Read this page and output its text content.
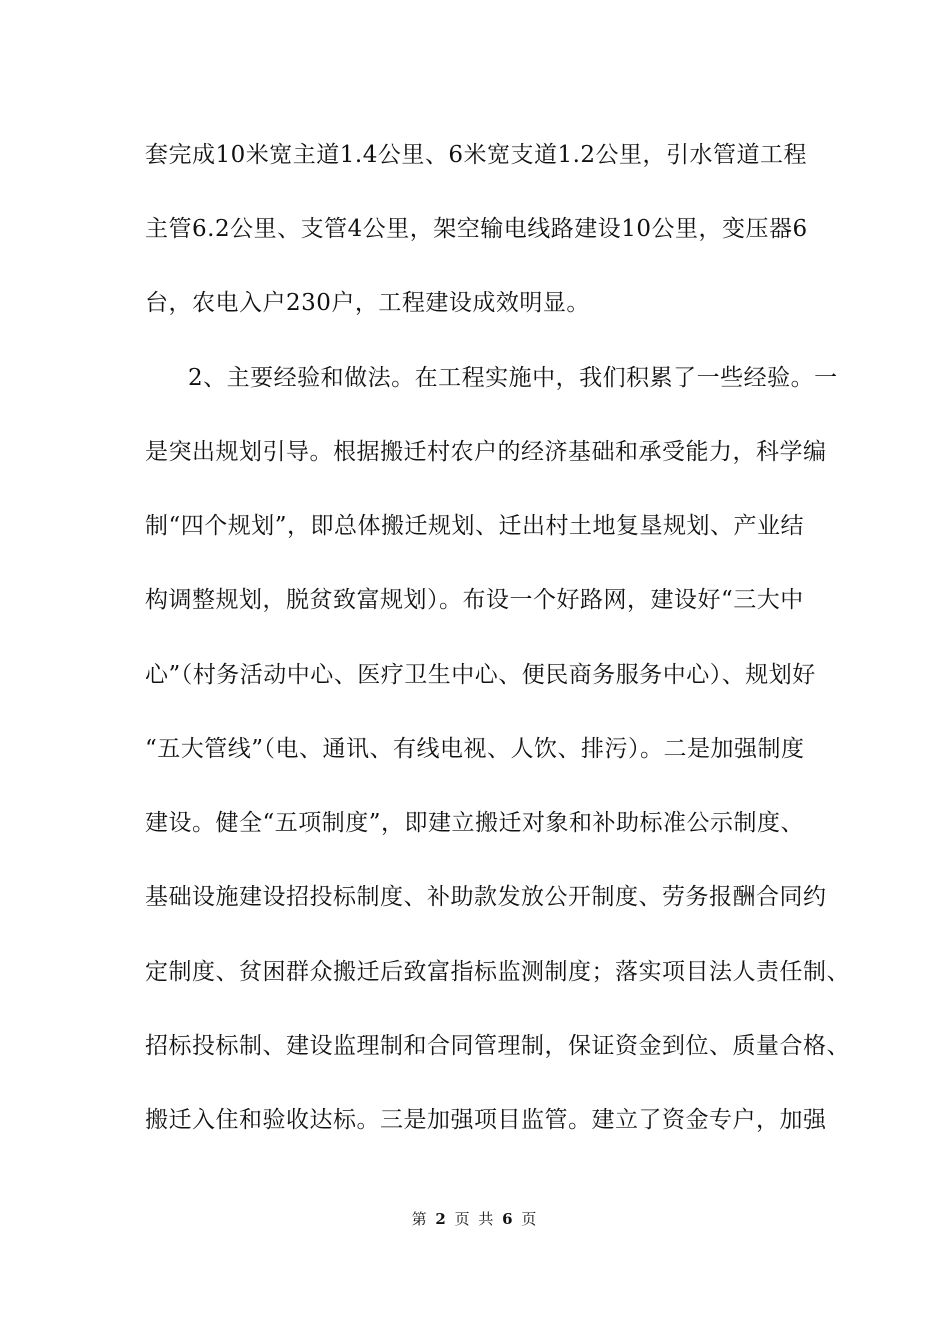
套完成10米宽主道1.4公里、6米宽支道1.2公里，引水管道工程
主管6.2公里、支管4公里，架空输电线路建设10公里，变压器6
台，农电入户230户，工程建设成效明显。
2、主要经验和做法。在工程实施中，我们积累了一些经验。一
是突出规划引导。根据搬迁村农户的经济基础和承受能力，科学编
制“四个规划”，即总体搬迁规划、迁出村土地复垦规划、产业结
构调整规划，脱贫致富规划）。布设一个好路网，建设好“三大中
心”（村务活动中心、医疗卫生中心、便民商务服务中心）、规划好
“五大管线”（电、通讯、有线电视、人饮、排污）。二是加强制度
建设。健全“五项制度”，即建立搬迁对象和补助标准公示制度、
基础设施建设招投标制度、补助款发放公开制度、劳务报酬合同约
定制度、贫困群众搬迁后致富指标监测制度；落实项目法人责任制、
招标投标制、建设监理制和合同管理制，保证资金到位、质量合格、
搬迁入住和验收达标。三是加强项目监管。建立了资金专户，加强
第 2 页 共 6 页
